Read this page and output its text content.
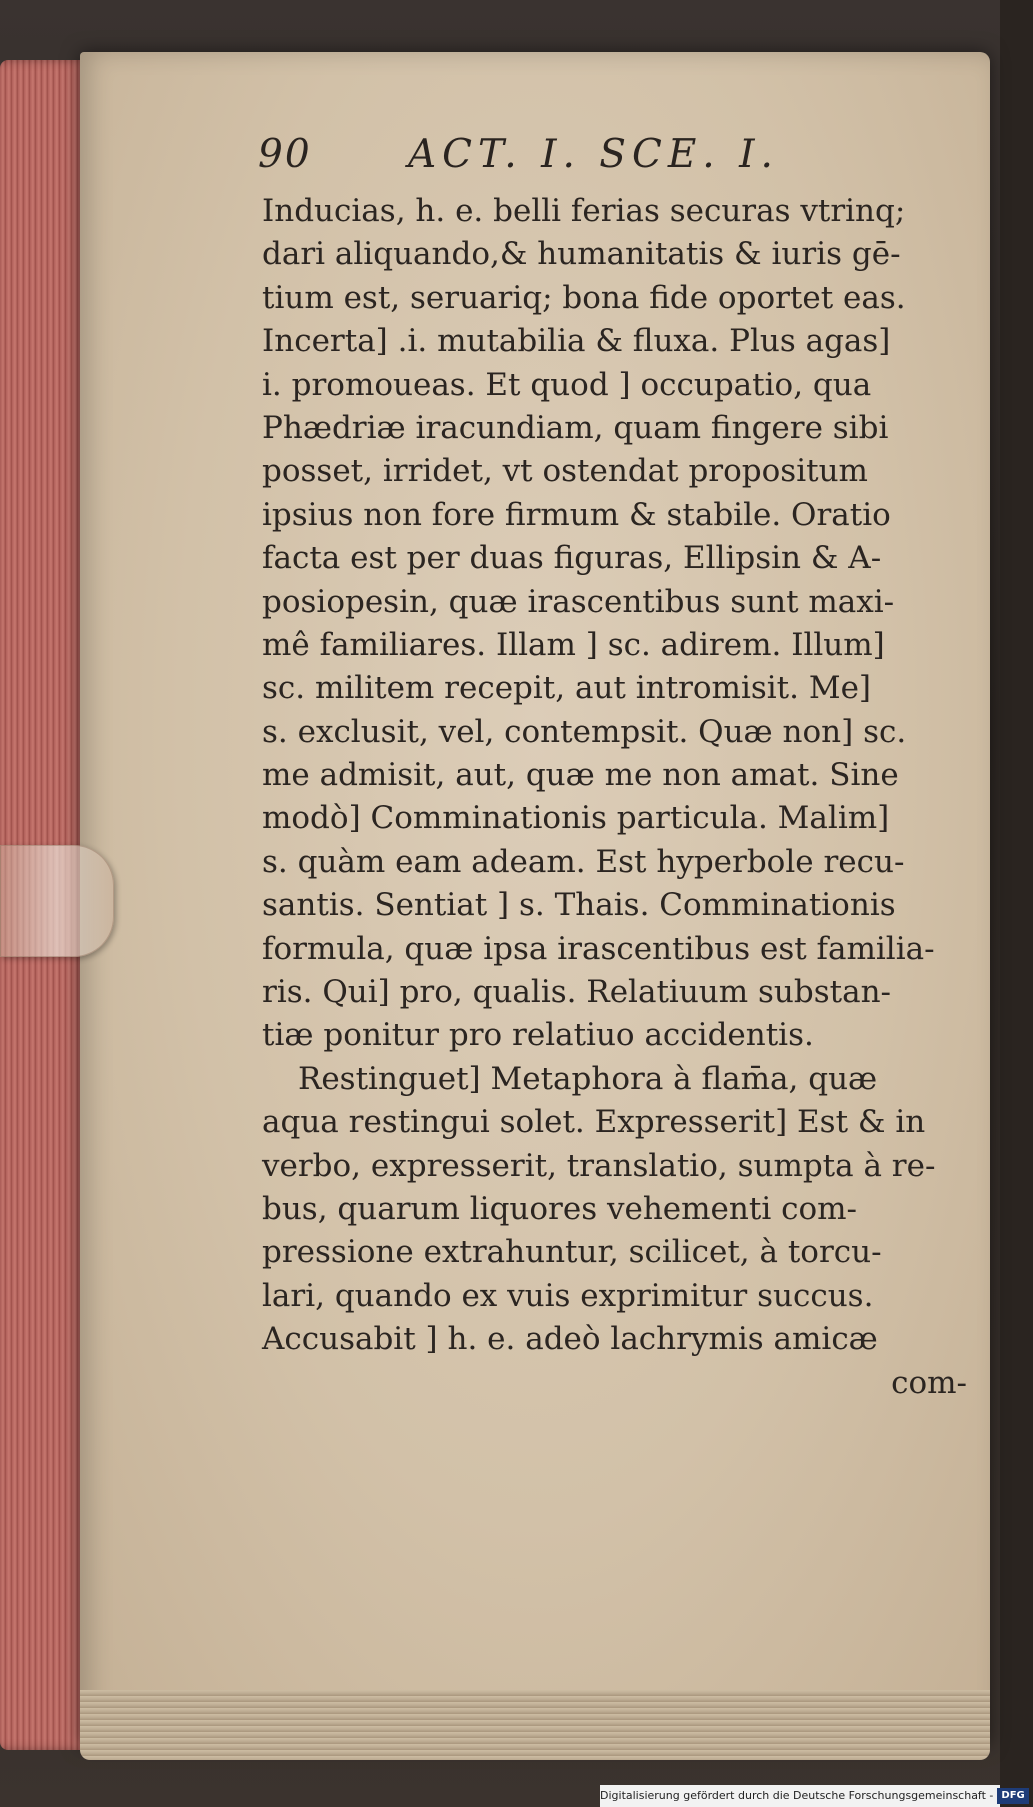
90 ACT. I. SCE. I.
Inducias, h. e. belli ferias securas vtrinq;
dari aliquando,& humanitatis & iuris gē-
tium est, seruariq; bona fide oportet eas.
Incerta] .i. mutabilia & fluxa. Plus agas]
i. promoueas. Et quod ] occupatio, qua
Phædriæ iracundiam, quam fingere sibi
posset, irridet, vt ostendat propositum
ipsius non fore firmum & stabile. Oratio
facta est per duas figuras, Ellipsin & A-
posiopesin, quæ irascentibus sunt maxi-
mê familiares. Illam ] sc. adirem. Illum]
sc. militem recepit, aut intromisit. Me]
s. exclusit, vel, contempsit. Quæ non] sc.
me admisit, aut, quæ me non amat. Sine
modò] Comminationis particula. Malim]
s. quàm eam adeam. Est hyperbole recu-
santis. Sentiat ] s. Thais. Comminationis
formula, quæ ipsa irascentibus est familia-
ris. Qui] pro, qualis. Relatiuum substan-
tiæ ponitur pro relatiuo accidentis.
Restinguet] Metaphora à flam̄a, quæ
aqua restingui solet. Expresserit] Est & in
verbo, expresserit, translatio, sumpta à re-
bus, quarum liquores vehementi com-
pressione extrahuntur, scilicet, à torcu-
lari, quando ex vuis exprimitur succus.
Accusabit ] h. e. adeò lachrymis amicæ
com-
Digitalisierung gefördert durch die Deutsche Forschungsgemeinschaft - DFG
